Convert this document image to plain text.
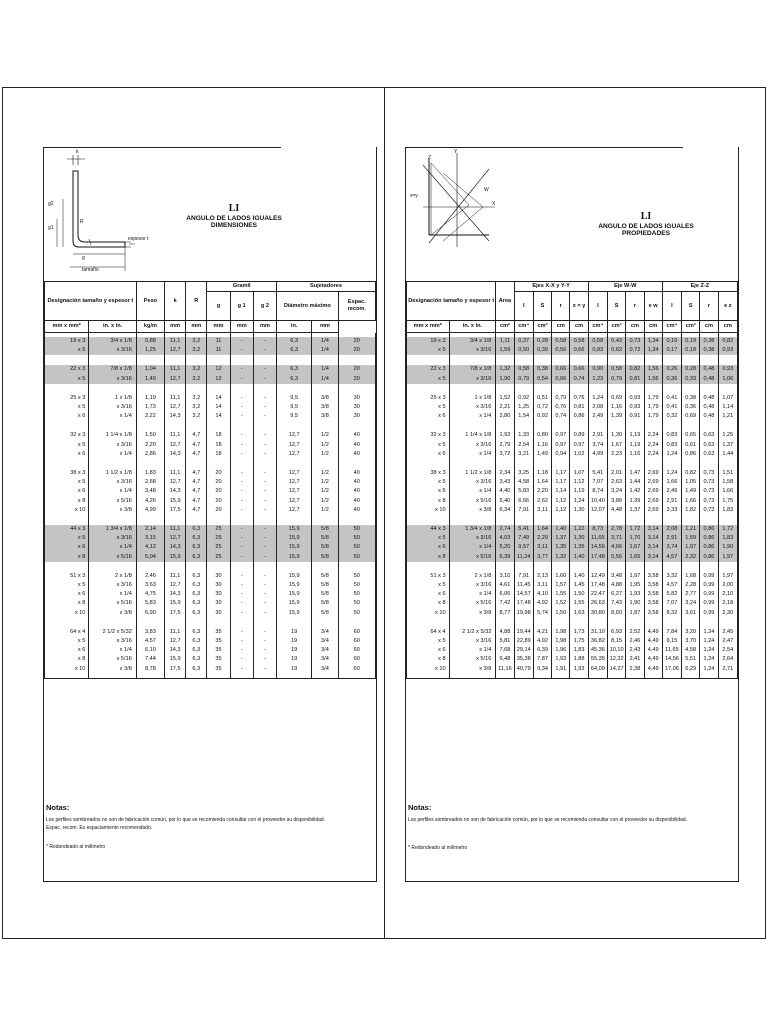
k
g2
g1
R
espesor t
g
tamaño
LI
ANGULO DE LADOS IGUALES
DIMENSIONES
Designación tamaño y espesor t		Peso	k	R	Gramil			Sujetadores		
					g	g 1	g 2	Diámetro máximo		Espac. recom.
mm x mm*	in. x in.	kg/m	mm	mm	mm	mm	mm	in.	mm	

19 x 3	3/4 x 1/8	0,88	11,1	3,2	11	-	-	6,3	1/4	20
x 5	x 3/16	1,25	12,7	3,2	11	-	-	6,3	1/4	20

22 x 3	7/8 x 1/8	1,04	11,1	3,2	12	-	-	6,3	1/4	20
x 5	x 3/16	1,49	12,7	3,2	12	-	-	6,3	1/4	20

25 x 3	1 x 1/8	1,19	11,1	3,2	14	-	-	9,5	3/8	30
x 5	x 3/16	1,73	12,7	3,2	14	-	-	9,5	3/8	30
x 6	x 1/4	2,22	14,3	3,2	14	-	-	9,5	3/8	30

32 x 3	1 1/4 x 1/8	1,50	11,1	4,7	18	-	-	12,7	1/2	40
x 5	x 3/16	2,20	12,7	4,7	18	-	-	12,7	1/2	40
x 6	x 1/4	2,86	14,3	4,7	18	-	-	12,7	1/2	40

38 x 3	1 1/2 x 1/8	1,83	11,1	4,7	20	-	-	12,7	1/2	40
x 5	x 3/16	2,68	12,7	4,7	20	-	-	12,7	1/2	40
x 6	x 1/4	3,48	14,3	4,7	20	-	-	12,7	1/2	40
x 8	x 5/16	4,26	15,9	4,7	20	-	-	12,7	1/2	40
x 10	x 3/8	4,99	17,5	4,7	20	-	-	12,7	1/2	40

44 x 3	1 3/4 x 1/8	2,14	11,1	6,3	25	-	-	15,9	5/8	50
x 5	x 3/16	3,15	12,7	6,3	25	-	-	15,9	5/8	50
x 6	x 1/4	4,12	14,3	6,3	25	-	-	15,9	5/8	50
x 8	x 5/16	5,04	15,9	6,3	25	-	-	15,9	5/8	50

51 x 3	2 x 1/8	2,46	11,1	6,3	30	-	-	15,9	5/8	50
x 5	x 3/16	3,63	12,7	6,3	30	-	-	15,9	5/8	50
x 6	x 1/4	4,75	14,3	6,3	30	-	-	15,9	5/8	50
x 8	x 5/16	5,83	15,9	6,3	30	-	-	15,9	5/8	50
x 10	x 3/8	6,90	17,5	6,3	30	-	-	15,9	5/8	50

64 x 4	2 1/2 x 5/32	3,83	11,1	6,3	35	-	-	19	3/4	60
x 5	x 3/16	4,57	12,7	6,3	35	-	-	19	3/4	60
x 6	x 1/4	6,10	14,3	6,3	35	-	-	19	3/4	60
x 8	x 5/16	7,44	15,9	6,3	35	-	-	19	3/4	60
x 10	x 3/8	8,78	17,5	6,3	35	-	-	19	3/4	60

Notas:
Los perfiles sombreados no son de fabricación común, por lo que se recomienda consultar con el proveedor su disponibilidad.
Espac. recom. Es espaciamiento recomendado.
* Redondeado al milímetro
Z
Y
W
X
x=y
LI
ANGULO DE LADOS IGUALES
PROPIEDADES
Designación tamaño y espesor t		Area	Ejes X-X y Y-Y				Eje W-W				Eje Z-Z			
			I	S	r	x = y	I	S	r	e w	I	S	r	e z
mm x mm*	in. x in.	cm²	cm⁴	cm³	cm	cm	cm⁴	cm³	cm	cm	cm⁴	cm³	cm	cm

19 x 3	3/4 x 1/8	1,11	0,37	0,28	0,58	0,58	0,58	0,43	0,73	1,34	0,16	0,19	0,38	0,82
x 5	x 3/16	1,59	0,50	0,39	0,56	0,66	0,83	0,62	0,72	1,34	0,17	0,18	0,38	0,93

22 x 3	7/8 x 1/8	1,32	0,58	0,38	0,66	0,66	0,90	0,58	0,82	1,56	0,26	0,28	0,48	0,93
x 5	x 3/16	1,90	0,79	0,54	0,66	0,74	1,23	0,79	0,81	1,56	0,36	0,33	0,48	1,06

25 x 3	1 x 1/8	1,52	0,92	0,51	0,79	0,76	1,24	0,69	0,93	1,79	0,41	0,38	0,48	1,07
x 5	x 3/16	2,21	1,25	0,72	0,76	0,81	2,08	1,16	0,93	1,79	0,41	0,36	0,48	1,14
x 6	x 1/4	2,80	1,54	0,92	0,74	0,86	2,49	1,39	0,91	1,79	0,32	0,69	0,48	1,21

32 x 3	1 1/4 x 1/8	1,93	1,33	0,80	0,97	0,89	2,91	1,30	1,19	2,24	0,83	0,65	0,63	1,25
x 5	x 3/16	2,79	2,54	1,16	0,97	0,97	3,74	1,67	1,19	2,24	0,83	0,61	0,63	1,37
x 6	x 1/4	3,72	3,21	1,49	0,94	1,02	4,99	2,23	1,16	2,24	1,24	0,86	0,63	1,44

38 x 3	1 1/2 x 1/8	2,34	3,25	1,18	1,17	1,07	5,41	2,01	1,47	2,69	1,24	0,82	0,73	1,51
x 5	x 3/16	3,43	4,58	1,64	1,17	1,12	7,07	2,63	1,44	2,69	1,66	1,05	0,73	1,58
x 6	x 1/4	4,40	5,83	2,20	1,14	1,19	8,74	3,24	1,42	2,69	2,49	1,49	0,73	1,66
x 8	x 5/16	5,40	6,66	2,62	1,12	1,24	10,40	3,86	1,39	2,69	2,91	1,66	0,73	1,75
x 10	x 3/8	6,34	7,91	3,11	1,12	1,30	12,07	4,48	1,37	2,69	3,33	1,82	0,73	1,83

44 x 3	1 3/4 x 1/8	2,74	5,41	1,64	1,40	1,22	8,73	2,78	1,72	3,14	2,08	1,21	0,86	1,72
x 5	x 3/16	4,03	7,49	2,29	1,37	1,30	11,65	3,71	1,70	3,14	2,91	1,59	0,86	1,83
x 6	x 1/4	5,20	9,57	3,11	1,35	1,35	14,56	4,66	1,67	3,14	3,74	1,97	0,86	1,90
x 8	x 5/16	6,39	11,24	3,77	1,32	1,40	17,48	5,56	1,65	3,14	4,57	2,32	0,86	1,97

51 x 3	2 x 1/8	3,10	7,91	2,13	1,60	1,40	12,49	3,48	1,97	3,58	3,32	1,68	0,99	1,97
x 5	x 3/16	4,61	11,45	3,11	1,57	1,45	17,48	4,88	1,95	3,58	4,57	2,28	0,99	2,00
x 6	x 1/4	6,06	14,57	4,10	1,55	1,50	22,47	6,27	1,93	3,58	5,82	2,77	0,99	2,10
x 8	x 5/16	7,42	17,48	4,92	1,52	1,55	26,63	7,43	1,90	3,58	7,07	3,24	0,99	2,18
x 10	x 3/8	8,77	19,98	5,74	1,50	1,63	30,80	8,60	1,87	3,58	8,32	3,61	0,99	2,30

64 x 4	2 1/2 x 5/32	4,88	19,44	4,21	1,98	1,73	31,10	6,93	2,52	4,49	7,84	3,20	1,24	2,45
x 5	x 3/16	5,81	22,89	4,92	1,98	1,75	36,82	8,15	2,46	4,49	9,15	3,70	1,24	2,47
x 6	x 1/4	7,68	29,14	6,39	1,96	1,83	45,36	10,10	2,43	4,49	11,65	4,58	1,24	2,54
x 8	x 5/16	9,48	35,38	7,87	1,93	1,88	55,35	12,32	2,41	4,49	14,56	5,51	1,24	2,64
x 10	x 3/8	11,16	40,79	9,34	1,91	1,93	64,09	14,27	2,38	4,49	17,06	6,29	1,24	2,71

Notas:
Los perfiles sombreados no son de fabricación común, por lo que se recomienda consultar con el proveedor su disponibilidad.
* Redondeado al milímetro
